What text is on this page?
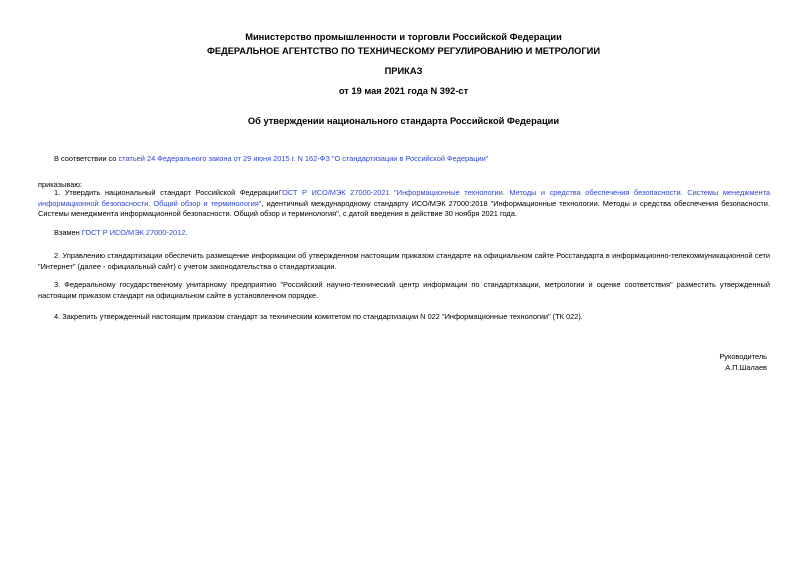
Министерство промышленности и торговли Российской Федерации
ФЕДЕРАЛЬНОЕ АГЕНТСТВО ПО ТЕХНИЧЕСКОМУ РЕГУЛИРОВАНИЮ И МЕТРОЛОГИИ
ПРИКАЗ
от 19 мая 2021 года N 392-ст
Об утверждении национального стандарта Российской Федерации
В соответствии со статьей 24 Федерального закона от 29 июня 2015 г. N 162-ФЗ "О стандартизации в Российской Федерации"
приказываю:
1. Утвердить национальный стандарт Российской ФедерацииГОСТ Р ИСО/МЭК 27000-2021 "Информационные технологии. Методы и средства обеспечения безопасности. Системы менеджмента информационной безопасности. Общий обзор и терминология", идентичный международному стандарту ИСО/МЭК 27000:2018 "Информационные технологии. Методы и средства обеспечения безопасности. Системы менеджмента информационной безопасности. Общий обзор и терминология", с датой введения в действие 30 ноября 2021 года.
Взамен ГОСТ Р ИСО/МЭК 27000-2012.
2. Управлению стандартизации обеспечить размещение информации об утвержденном настоящим приказом стандарте на официальном сайте Росстандарта в информационно-телекоммуникационной сети "Интернет" (далее - официальный сайт) с учетом законодательства о стандартизации.
3. Федеральному государственному унитарному предприятию "Российский научно-технический центр информации по стандартизации, метрологии и оценке соответствия" разместить утвержденный настоящим приказом стандарт на официальном сайте в установленном порядке.
4. Закрепить утвержденный настоящим приказом стандарт за техническим комитетом по стандартизации N 022 "Информационные технологии" (ТК 022).
Руководитель
А.П.Шалаев
